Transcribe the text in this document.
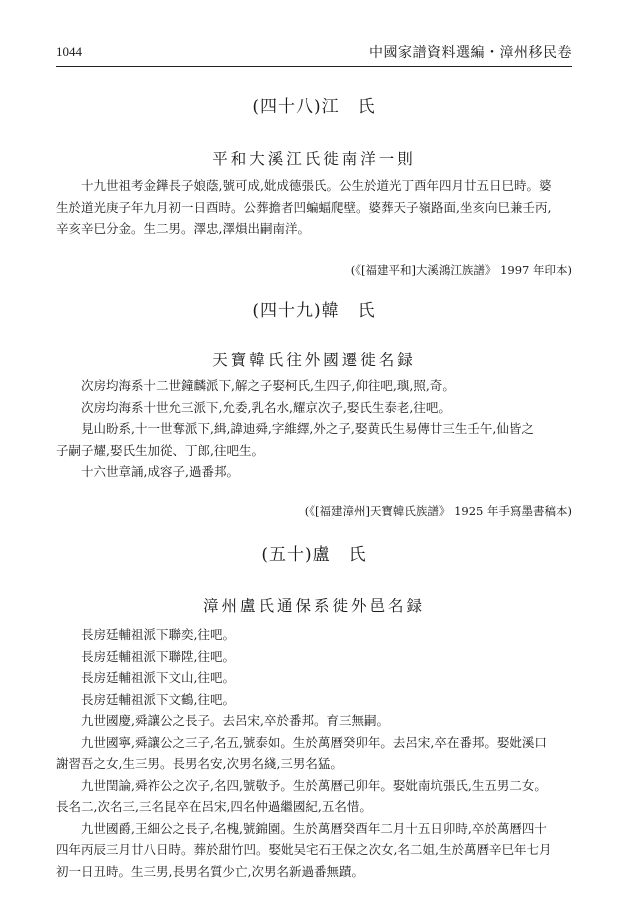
1044	中國家譜資料選編・漳州移民卷
(四十八)江　氏
平和大溪江氏徙南洋一則
　　十九世祖考金鏵長子娘蔭,號可成,妣成德張氏。公生於道光丁酉年四月廿五日巳時。婆
生於道光庚子年九月初一日酉時。公葬擔者凹蝙蝠爬壁。婆葬天子嶺路面,坐亥向巳兼壬丙,
辛亥辛巳分金。生二男。澤忠,澤熉出嗣南洋。
(《[福建平和]大溪鴻江族譜》 1997 年印本)
(四十九)韓　氏
天寶韓氏往外國遷徙名録
　　次房均海系十二世鐘麟派下,解之子娶柯氏,生四子,仰往吧,璵,照,奇。
　　次房均海系十世允三派下,允委,乳名水,耀京次子,娶氏生泰老,往吧。
　　見山盼系,十一世奪派下,緝,諱迪舜,字維繹,外之子,娶黄氏生易傳廿三生壬午,仙皆之
子嗣子耀,娶氏生加從、丁郎,往吧生。
　　十六世章誦,成容子,過番邦。
(《[福建漳州]天寶韓氏族譜》 1925 年手寫墨書稿本)
(五十)盧　氏
漳州盧氏通保系徙外邑名録
　　長房廷輔祖派下聯奕,往吧。
　　長房廷輔祖派下聯陞,往吧。
　　長房廷輔祖派下文山,往吧。
　　長房廷輔祖派下文鶴,往吧。
　　九世國慶,舜讓公之長子。去呂宋,卒於番邦。育三無嗣。
　　九世國寧,舜讓公之三子,名五,號泰如。生於萬曆癸卯年。去呂宋,卒在番邦。娶妣溪口
謝習吾之女,生三男。長男名安,次男名綫,三男名猛。
　　九世閏論,舜祚公之次子,名四,號敬予。生於萬曆己卯年。娶妣南坑張氏,生五男二女。
長名二,次名三,三名昆卒在呂宋,四名仲過繼國紀,五名惜。
　　九世國爵,王細公之長子,名槐,號錦園。生於萬曆癸酉年二月十五日卯時,卒於萬曆四十
四年丙辰三月廿八日時。葬於甜竹凹。娶妣吴宅石王保之次女,名二姐,生於萬曆辛巳年七月
初一日丑時。生三男,長男名質少亡,次男名新過番無蹟。
